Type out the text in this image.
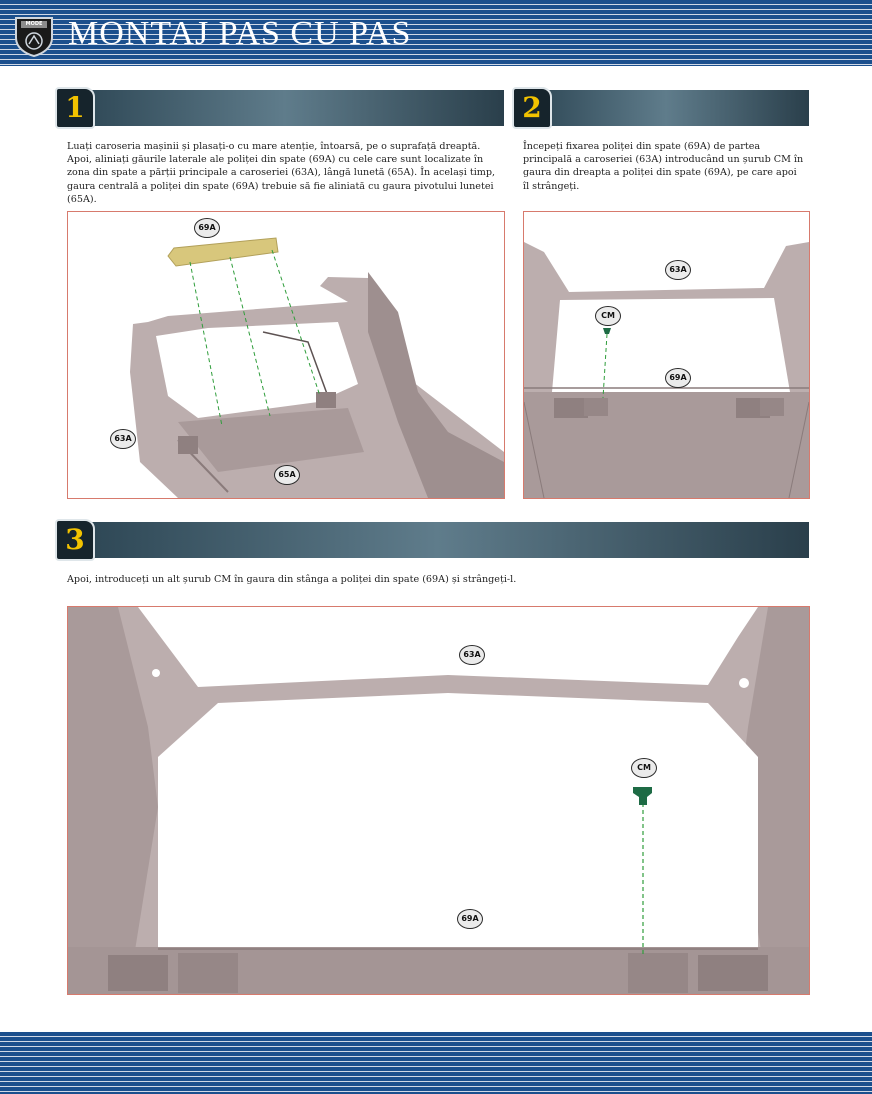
MODE MONTAJ PAS CU PAS
1
Luați caroseria mașinii și plasați-o cu mare atenție, întoarsă, pe o suprafață dreaptă. Apoi, aliniați găurile laterale ale poliței din spate (69A) cu cele care sunt localizate în zona din spate a părții principale a caroseriei (63A), lângă lunetă (65A). În același timp, gaura centrală a poliței din spate (69A) trebuie să fie aliniată cu gaura pivotului lunetei (65A).
69A
63A
65A
2
Începeți fixarea poliței din spate (69A) de partea principală a caroseriei (63A) introducând un șurub CM în gaura din dreapta a poliței din spate (69A), pe care apoi îl strângeți.
63A
CM
69A
3
Apoi, introduceți un alt șurub CM în gaura din stânga a poliței din spate (69A) și strângeți-l.
63A
CM
69A
